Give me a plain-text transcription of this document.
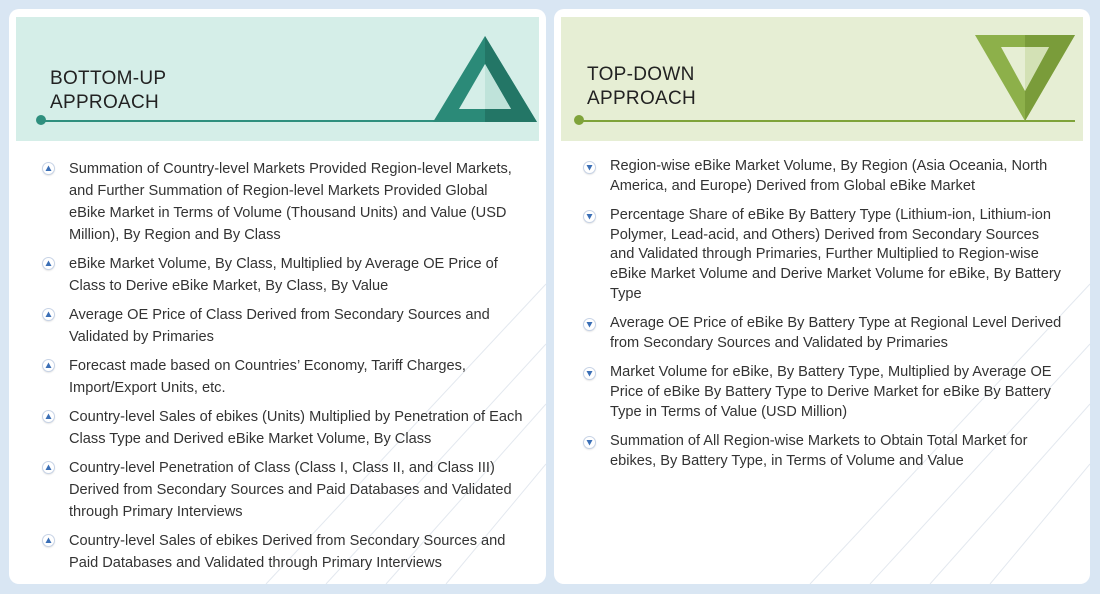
BOTTOM-UP
APPROACH
Summation of Country-level Markets Provided Region-level Markets, and Further Summation of Region-level Markets Provided Global eBike Market in Terms of Volume (Thousand Units) and Value (USD Million), By Region and By Class
eBike Market Volume, By Class, Multiplied by Average OE Price of Class to Derive eBike Market, By Class, By Value
Average OE Price of Class Derived from Secondary Sources and Validated by Primaries
Forecast made based on Countries’ Economy, Tariff Charges, Import/Export Units, etc.
Country-level Sales of ebikes (Units) Multiplied by Penetration of Each Class Type and Derived eBike Market Volume, By Class
Country-level Penetration of Class (Class I, Class II, and Class III) Derived from Secondary Sources and Paid Databases and Validated through Primary Interviews
Country-level Sales of ebikes Derived from Secondary Sources and Paid Databases and Validated through Primary Interviews
TOP-DOWN
APPROACH
Region-wise eBike Market Volume, By Region (Asia Oceania, North America, and Europe) Derived from Global eBike Market
Percentage Share of eBike By Battery Type (Lithium-ion, Lithium-ion Polymer, Lead-acid, and Others) Derived from Secondary Sources and Validated through Primaries, Further Multiplied to Region-wise eBike Market Volume and Derive Market Volume for eBike, By Battery Type
Average OE Price of eBike By Battery Type at Regional Level Derived from Secondary Sources and Validated by Primaries
Market Volume for eBike, By Battery Type, Multiplied by Average OE Price of eBike By Battery Type to Derive Market for eBike By Battery Type in Terms of Value (USD Million)
Summation of All Region-wise Markets to Obtain Total Market for ebikes, By Battery Type, in Terms of Volume and Value
